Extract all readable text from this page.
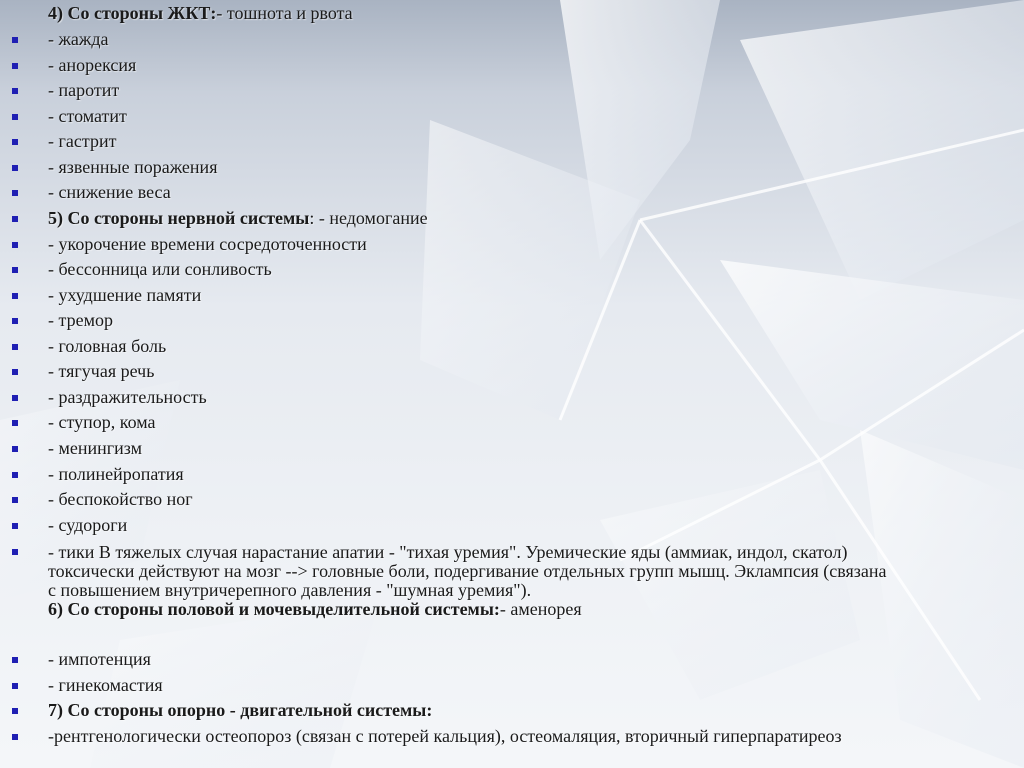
4) Со стороны ЖКТ:- тошнота и рвота
- жажда
- анорексия
- паротит
- стоматит
- гастрит
- язвенные поражения
- снижение веса
5) Со стороны нервной системы: - недомогание
- укорочение времени сосредоточенности
- бессонница или сонливость
- ухудшение памяти
- тремор
- головная боль
- тягучая речь
- раздражительность
- ступор, кома
- менингизм
- полинейропатия
- беспокойство ног
- судороги
- тики В тяжелых случая нарастание апатии - "тихая уремия". Уремические яды (аммиак, индол, скатол) токсически действуют на мозг --> головные боли, подергивание отдельных групп мышц. Эклампсия (связана с повышением внутричерепного давления - "шумная уремия").
6) Со стороны половой и мочевыделительной системы:- аменорея
- импотенция
- гинекомастия
7) Со стороны опорно - двигательной системы:
-рентгенологически остеопороз (связан с потерей кальция), остеомаляция, вторичный гиперпаратиреоз
